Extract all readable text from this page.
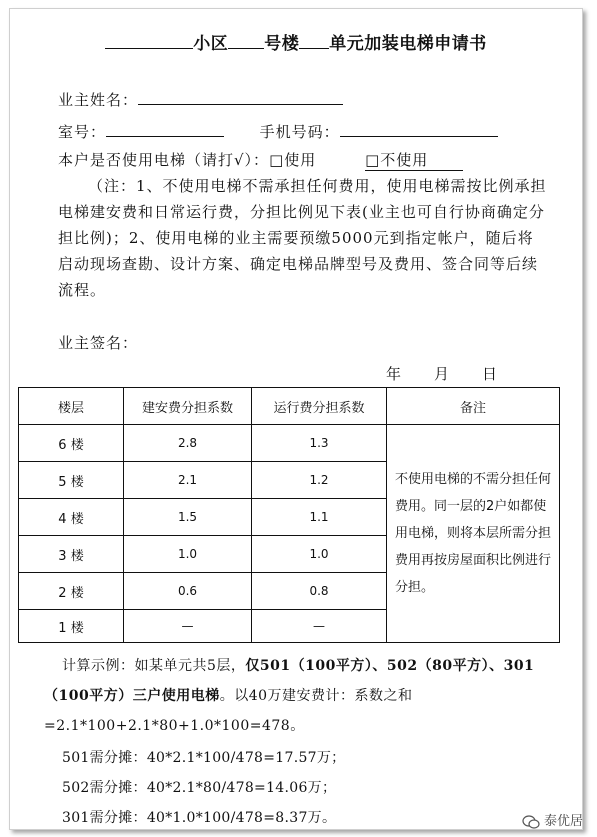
小区 号楼 单元加装电梯申请书
业主姓名：
室号：	手机号码：
本户是否使用电梯（请打√）：□使用	□不使用
（注：1、不使用电梯不需承担任何费用，使用电梯需按比例承担电梯建安费和日常运行费，分担比例见下表(业主也可自行协商确定分担比例)；2、使用电梯的业主需要预缴5000元到指定帐户，随后将启动现场查勘、设计方案、确定电梯品牌型号及费用、签合同等后续流程。
业主签名：
年　　月　　日
楼层	建安费分担系数	运行费分担系数	备注
6 楼	2.8	1.3	不使用电梯的不需分担任何费用。同一层的2户如都使用电梯，则将本层所需分担费用再按房屋面积比例进行分担。
5 楼	2.1	1.2	
4 楼	1.5	1.1	
3 楼	1.0	1.0	
2 楼	0.6	0.8	
1 楼	—	—	
计算示例：如某单元共5层，仅501（100平方）、502（80平方）、301（100平方）三户使用电梯。以40万建安费计：系数之和=2.1*100+2.1*80+1.0*100=478。
501需分摊：40*2.1*100/478=17.57万；
502需分摊：40*2.1*80/478=14.06万；
301需分摊：40*1.0*100/478=8.37万。	泰优居
